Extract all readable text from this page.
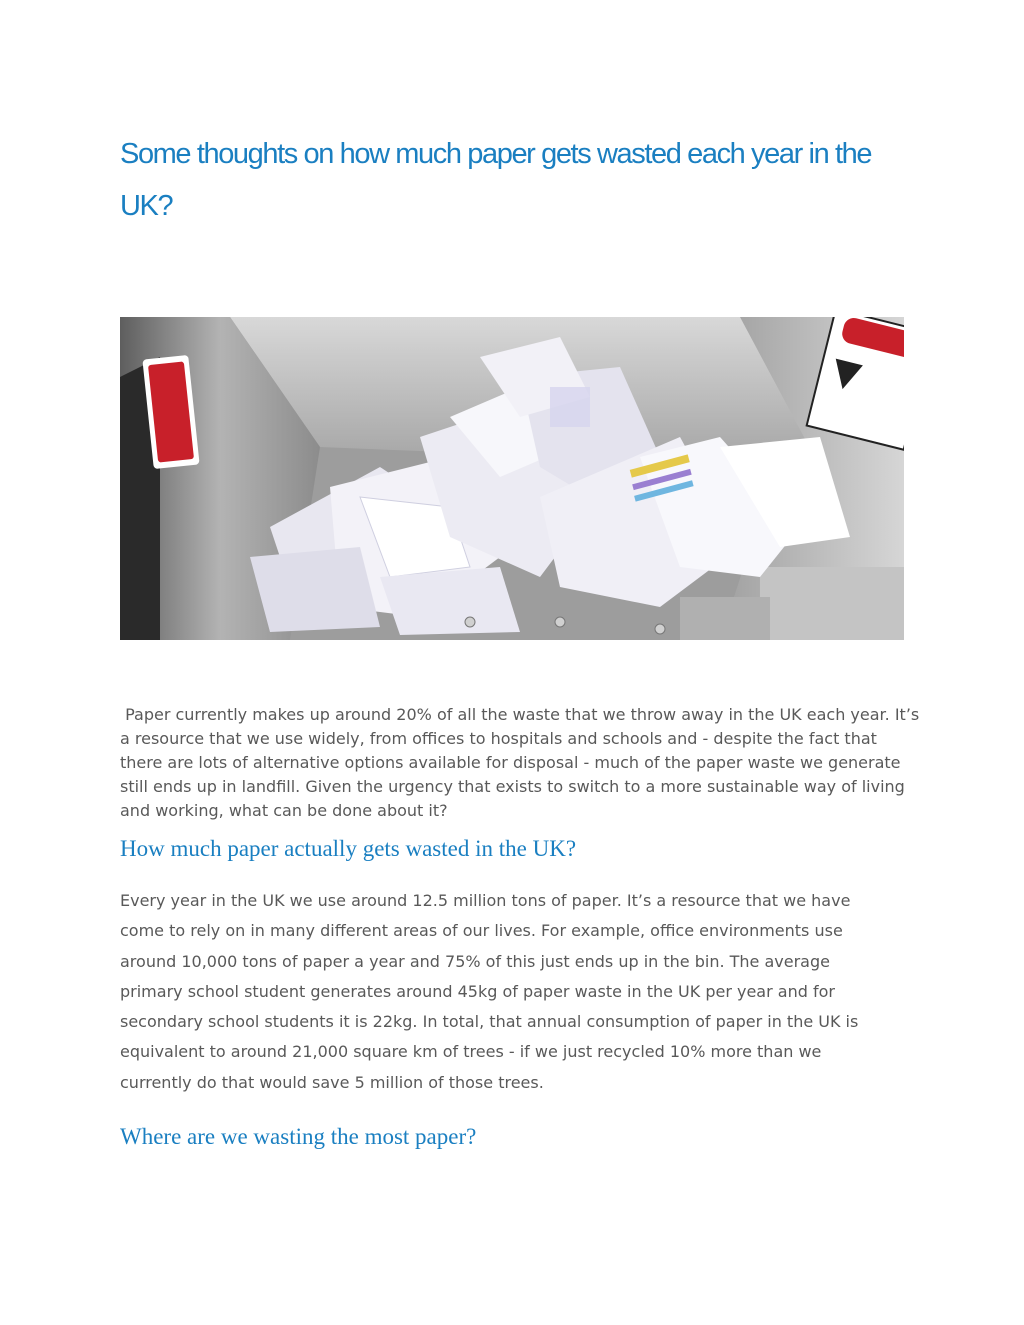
Some thoughts on how much paper gets wasted each year in the UK?

Paper currently makes up around 20% of all the waste that we throw away in the UK each year. It’s a resource that we use widely, from offices to hospitals and schools and - despite the fact that there are lots of alternative options available for disposal - much of the paper waste we generate still ends up in landfill. Given the urgency that exists to switch to a more sustainable way of living and working, what can be done about it?

How much paper actually gets wasted in the UK?

Every year in the UK we use around 12.5 million tons of paper. It’s a resource that we have come to rely on in many different areas of our lives. For example, office environments use around 10,000 tons of paper a year and 75% of this just ends up in the bin. The average primary school student generates around 45kg of paper waste in the UK per year and for secondary school students it is 22kg. In total, that annual consumption of paper in the UK is equivalent to around 21,000 square km of trees - if we just recycled 10% more than we currently do that would save 5 million of those trees.

Where are we wasting the most paper?
